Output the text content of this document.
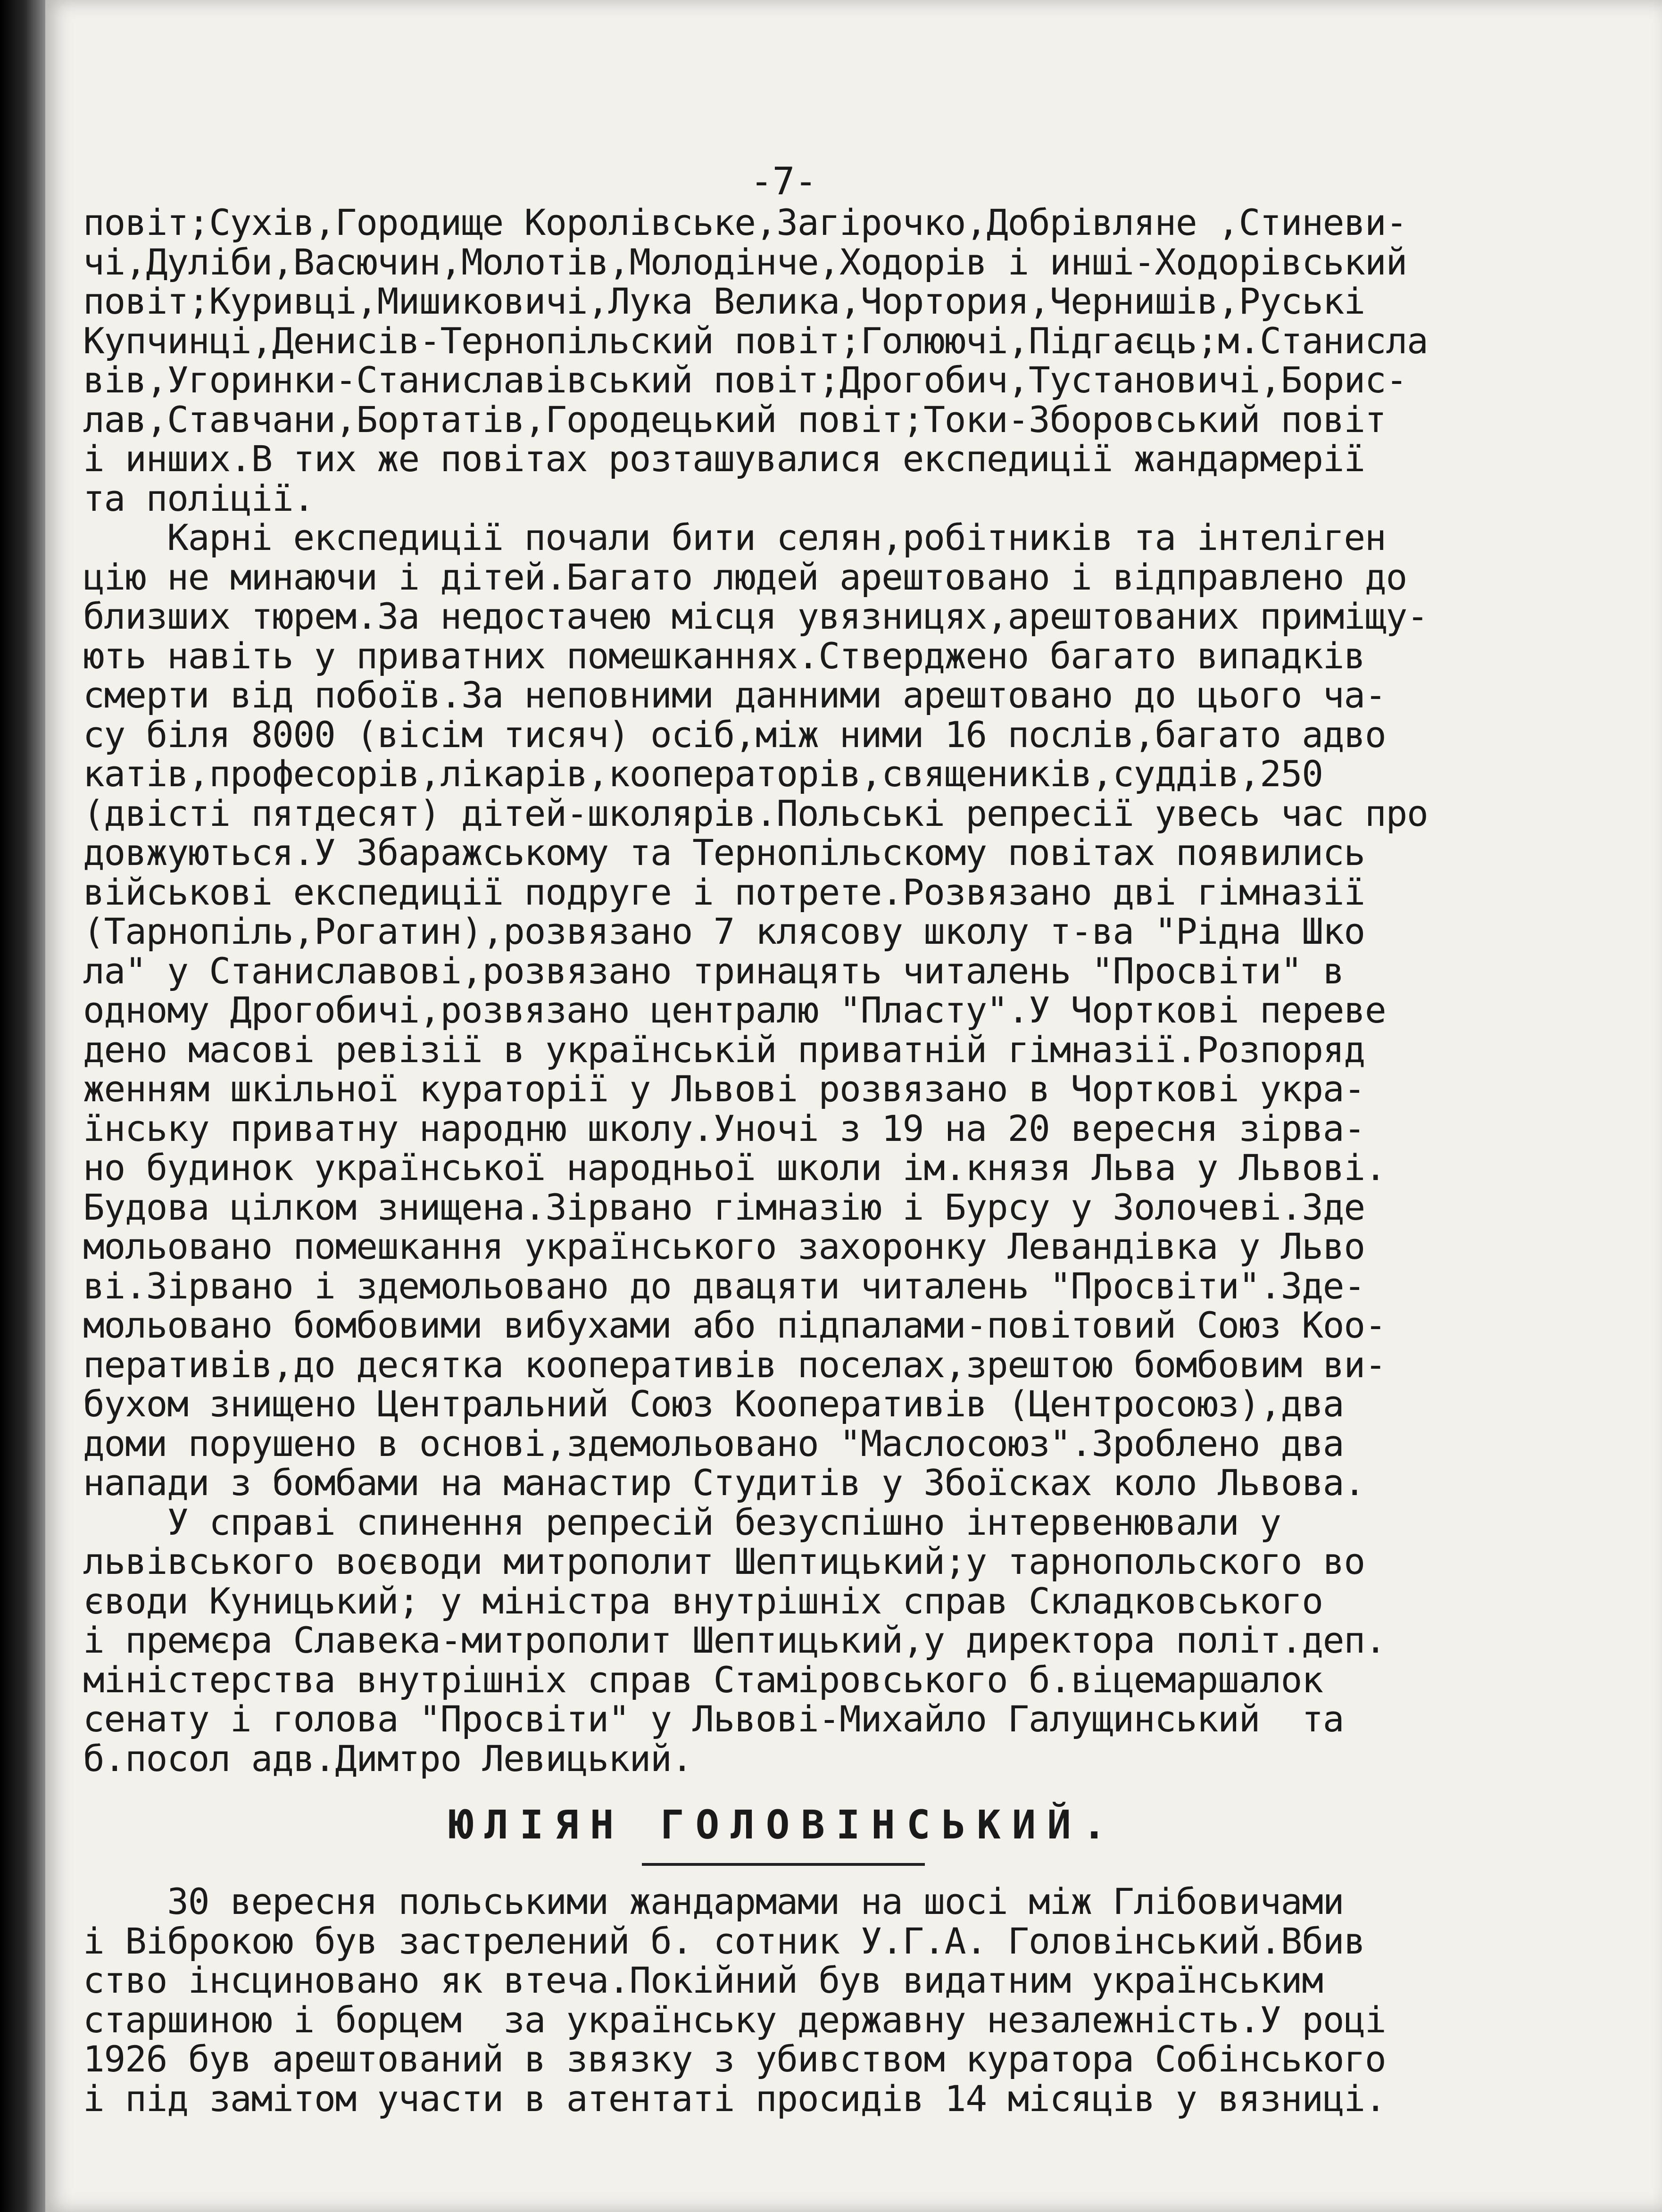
-7-
повіт;Сухів,Городище Королівське,Загірочко,Добрівляне ,Стиневи-
чі,Дуліби,Васючин,Молотів,Молодінче,Ходорів і инші-Ходорівський
повіт;Куривці,Мишиковичі,Лука Велика,Чортория,Чернишів,Руські
Купчинці,Денисів-Тернопільский повіт;Голюючі,Підгаєць;м.Станисла
вів,Угоринки-Станиславівський повіт;Дрогобич,Тустановичі,Борис-
лав,Ставчани,Бортатів,Городецький повіт;Токи-Зборовський повіт
і инших.В тих же повітах розташувалися експедиції жандармерії
та поліції.
Карні експедиції почали бити селян,робітників та інтеліген
цію не минаючи і дітей.Багато людей арештовано і відправлено до
близших тюрем.За недостачею місця увязницях,арештованих приміщу-
ють навіть у приватних помешканнях.Стверджено багато випадків
смерти від побоїв.За неповними данними арештовано до цього ча-
су біля 8000 (вісім тисяч) осіб,між ними 16 послів,багато адво
катів,професорів,лікарів,кооператорів,священиків,суддів,250
(двісті пятдесят) дітей-школярів.Польські репресії увесь час про
довжуються.У Збаражському та Тернопільскому повітах появились
військові експедиції подруге і потрете.Розвязано дві гімназії
(Тарнопіль,Рогатин),розвязано 7 клясову школу т-ва "Рідна Шко
ла" у Станиславові,розвязано тринацять читалень "Просвіти" в
одному Дрогобичі,розвязано централю "Пласту".У Чорткові переве
дено масові ревізії в українській приватній гімназії.Розпоряд
женням шкільної кураторії у Львові розвязано в Чорткові укра-
їнську приватну народню школу.Уночі з 19 на 20 вересня зірва-
но будинок української народньої школи ім.князя Льва у Львові.
Будова цілком знищена.Зірвано гімназію і Бурсу у Золочеві.Зде
мольовано помешкання українського захоронку Левандівка у Льво
ві.Зірвано і здемольовано до двацяти читалень "Просвіти".Зде-
мольовано бомбовими вибухами або підпалами-повітовий Союз Коо-
перативів,до десятка кооперативів поселах,зрештою бомбовим ви-
бухом знищено Центральний Союз Кооперативів (Центросоюз),два
доми порушено в основі,здемольовано "Маслосоюз".Зроблено два
напади з бомбами на манастир Студитів у Збоїсках коло Львова.
У справі спинення репресій безуспішно інтервенювали у
львівського воєводи митрополит Шептицький;у тарнопольского во
єводи Куницький; у міністра внутрішніх справ Складковського
і премєра Славека-митрополит Шептицький,у директора політ.деп.
міністерства внутрішніх справ Стаміровського б.віцемаршалок
сенату і голова "Просвіти" у Львові-Михайло Галущинський  та
б.посол адв.Димтро Левицький.
ЮЛІЯН ГОЛОВІНСЬКИЙ.
30 вересня польськими жандармами на шосі між Глібовичами
і Віброкою був застрелений б. сотник У.Г.А. Головінський.Вбив
ство інсциновано як втеча.Покійний був видатним українським
старшиною і борцем  за українську державну незалежність.У році
1926 був арештований в звязку з убивством куратора Собінського
і під замітом участи в атентаті просидів 14 місяців у вязниці.
